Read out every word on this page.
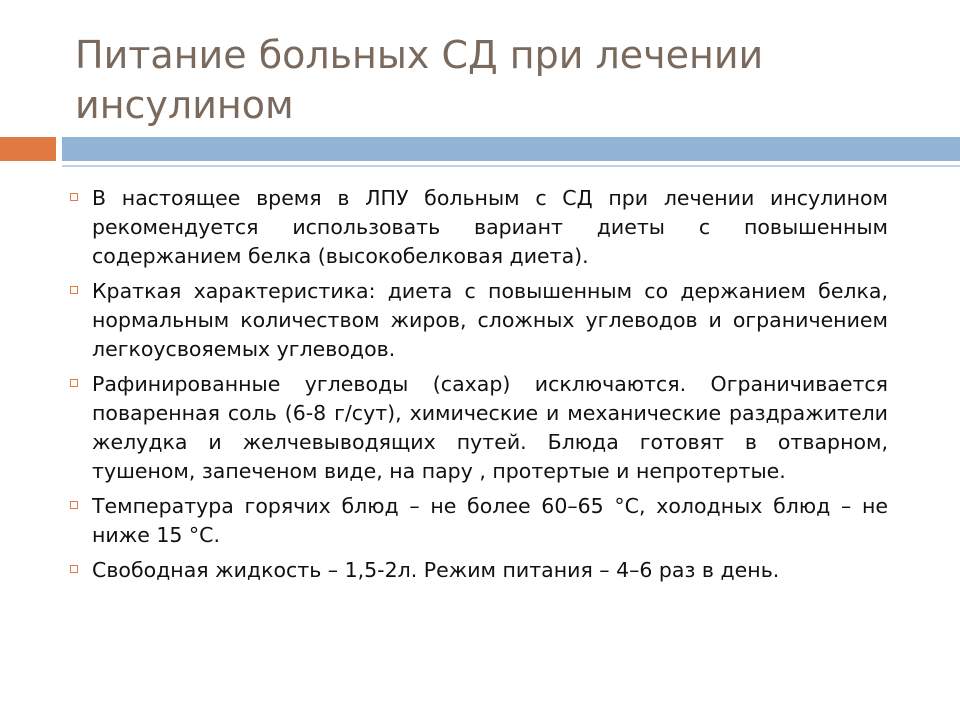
Питание больных СД при лечении инсулином
В настоящее время в ЛПУ больным с СД при лечении инсулином рекомендуется использовать вариант диеты с повышенным содержанием белка (высокобелковая диета).
Краткая характеристика: диета с повышенным со держанием белка, нормальным количеством жиров, сложных углеводов и ограничением легкоусвояемых углеводов.
Рафинированные углеводы (сахар) исключаются. Ограничивается поваренная соль (6-8 г/сут), химические и механические раздражители желудка и желчевыводящих путей. Блюда готовят в отварном, тушеном, запеченом виде, на пару , протертые и непротертые.
Температура горячих блюд – не более 60–65 °С, холодных блюд – не ниже 15 °С.
Свободная жидкость – 1,5-2л. Режим питания – 4–6 раз в день.
